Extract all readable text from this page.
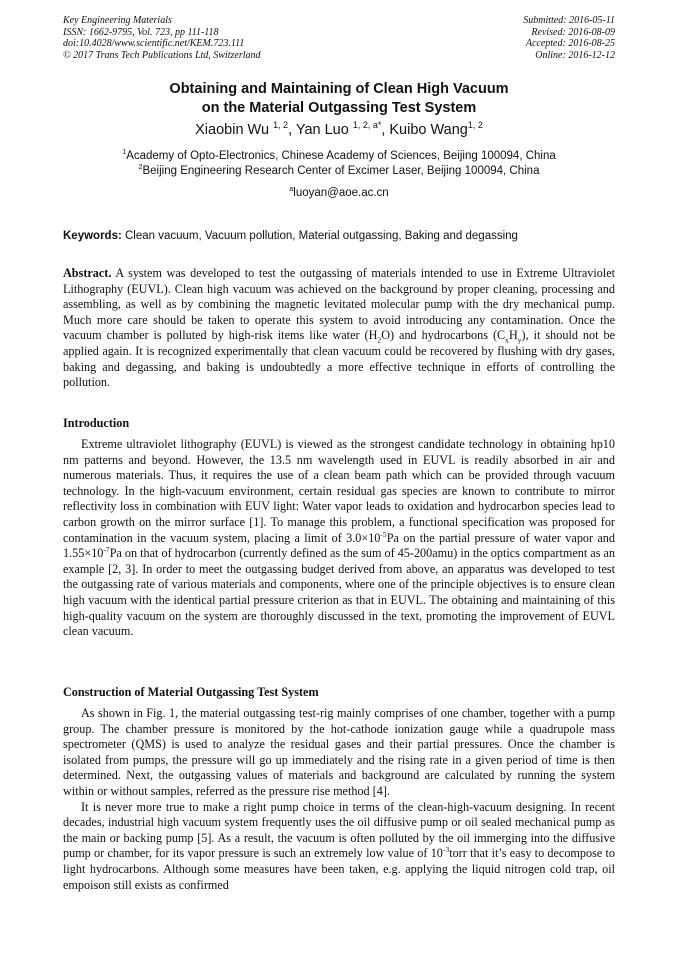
Key Engineering Materials
ISSN: 1662-9795, Vol. 723, pp 111-118
doi:10.4028/www.scientific.net/KEM.723.111
© 2017 Trans Tech Publications Ltd, Switzerland
Submitted: 2016-05-11
Revised: 2016-08-09
Accepted: 2016-08-25
Online: 2016-12-12
Obtaining and Maintaining of Clean High Vacuum
on the Material Outgassing Test System
Xiaobin Wu $^{1, 2}$, Yan Luo $^{1, 2, a*}$, Kuibo Wang$^{1, 2}$
$^1$Academy of Opto-Electronics, Chinese Academy of Sciences, Beijing 100094, China
$^2$Beijing Engineering Research Center of Excimer Laser, Beijing 100094, China
$^a$luoyan@aoe.ac.cn
Keywords: Clean vacuum, Vacuum pollution, Material outgassing, Baking and degassing

Abstract. A system was developed to test the outgassing of materials intended to use in Extreme Ultraviolet Lithography (EUVL). Clean high vacuum was achieved on the background by proper cleaning, processing and assembling, as well as by combining the magnetic levitated molecular pump with the dry mechanical pump. Much more care should be taken to operate this system to avoid introducing any contamination. Once the vacuum chamber is polluted by high-risk items like water $(H_2O)$ and hydrocarbons $(C_xH_y)$, it should not be applied again. It is recognized experimentally that clean vacuum could be recovered by flushing with dry gases, baking and degassing, and baking is undoubtedly a more effective technique in efforts of controlling the pollution.

Introduction

Extreme ultraviolet lithography (EUVL) is viewed as the strongest candidate technology in obtaining hp10 nm patterns and beyond. However, the 13.5 nm wavelength used in EUVL is readily absorbed in air and numerous materials. Thus, it requires the use of a clean beam path which can be provided through vacuum technology. In the high-vacuum environment, certain residual gas species are known to contribute to mirror reflectivity loss in combination with EUV light: Water vapor leads to oxidation and hydrocarbon species lead to carbon growth on the mirror surface [1]. To manage this problem, a functional specification was proposed for contamination in the vacuum system, placing a limit of $3.0\times 10^{-5}Pa$ on the partial pressure of water vapor and $1.55\times 10^{-7}Pa$ on that of hydrocarbon (currently defined as the sum of 45-200amu) in the optics compartment as an example [2, 3]. In order to meet the outgassing budget derived from above, an apparatus was developed to test the outgassing rate of various materials and components, where one of the principle objectives is to ensure clean high vacuum with the identical partial pressure criterion as that in EUVL. The obtaining and maintaining of this high-quality vacuum on the system are thoroughly discussed in the text, promoting the improvement of EUVL clean vacuum.

Construction of Material Outgassing Test System

As shown in Fig. 1, the material outgassing test-rig mainly comprises of one chamber, together with a pump group. The chamber pressure is monitored by the hot-cathode ionization gauge while a quadrupole mass spectrometer (QMS) is used to analyze the residual gases and their partial pressures. Once the chamber is isolated from pumps, the pressure will go up immediately and the rising rate in a given period of time is then determined. Next, the outgassing values of materials and background are calculated by running the system within or without samples, referred as the pressure rise method [4].

It is never more true to make a right pump choice in terms of the clean-high-vacuum designing. In recent decades, industrial high vacuum system frequently uses the oil diffusive pump or oil sealed mechanical pump as the main or backing pump [5]. As a result, the vacuum is often polluted by the oil immerging into the diffusive pump or chamber, for its vapor pressure is such an extremely low value of $10^{-3}torr$ that it’s easy to decompose to light hydrocarbons. Although some measures have been taken, e.g. applying the liquid nitrogen cold trap, oil empoison still exists as confirmed
